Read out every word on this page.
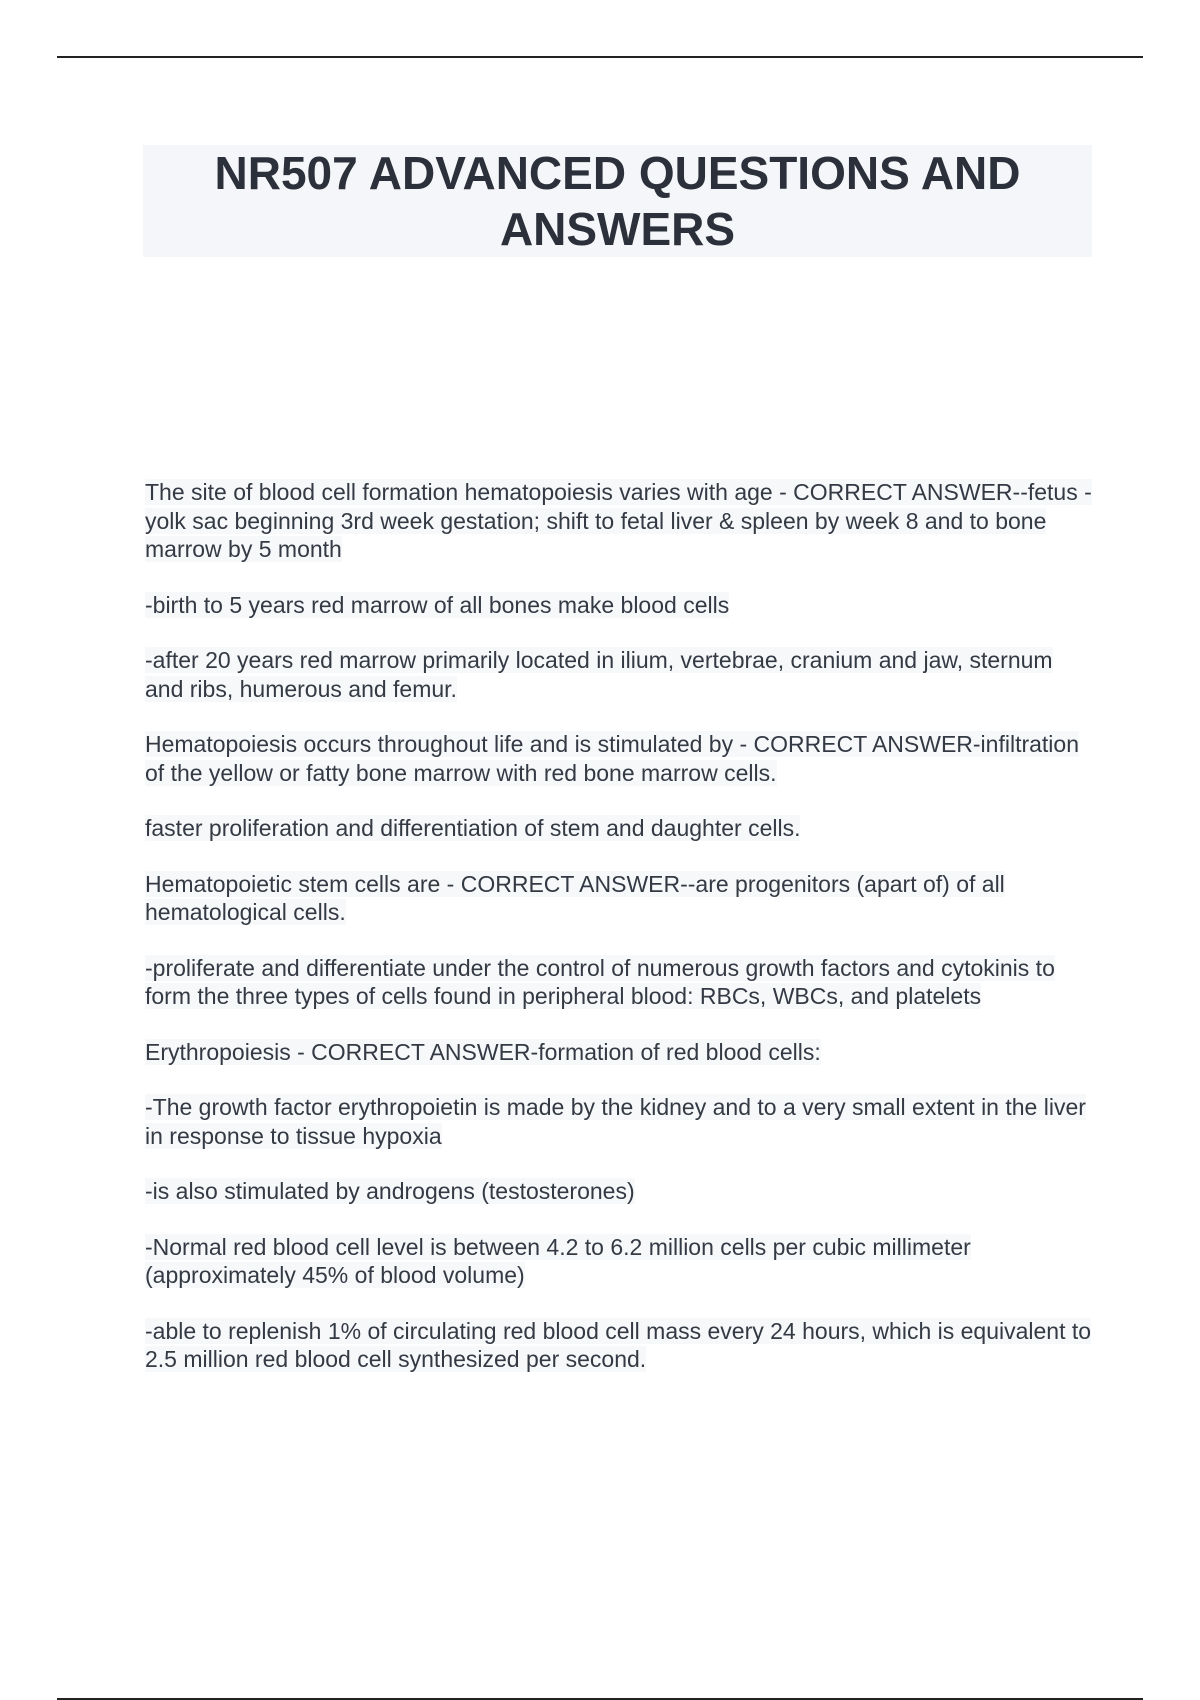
NR507 ADVANCED QUESTIONS AND ANSWERS

The site of blood cell formation hematopoiesis varies with age - CORRECT ANSWER--fetus - yolk sac beginning 3rd week gestation; shift to fetal liver & spleen by week 8 and to bone marrow by 5 month

-birth to 5 years red marrow of all bones make blood cells

-after 20 years red marrow primarily located in ilium, vertebrae, cranium and jaw, sternum and ribs, humerous and femur.

Hematopoiesis occurs throughout life and is stimulated by - CORRECT ANSWER-infiltration of the yellow or fatty bone marrow with red bone marrow cells.

faster proliferation and differentiation of stem and daughter cells.

Hematopoietic stem cells are - CORRECT ANSWER--are progenitors (apart of) of all hematological cells.

-proliferate and differentiate under the control of numerous growth factors and cytokinis to form the three types of cells found in peripheral blood: RBCs, WBCs, and platelets

Erythropoiesis - CORRECT ANSWER-formation of red blood cells:

-The growth factor erythropoietin is made by the kidney and to a very small extent in the liver in response to tissue hypoxia

-is also stimulated by androgens (testosterones)

-Normal red blood cell level is between 4.2 to 6.2 million cells per cubic millimeter (approximately 45% of blood volume)

-able to replenish 1% of circulating red blood cell mass every 24 hours, which is equivalent to 2.5 million red blood cell synthesized per second.
